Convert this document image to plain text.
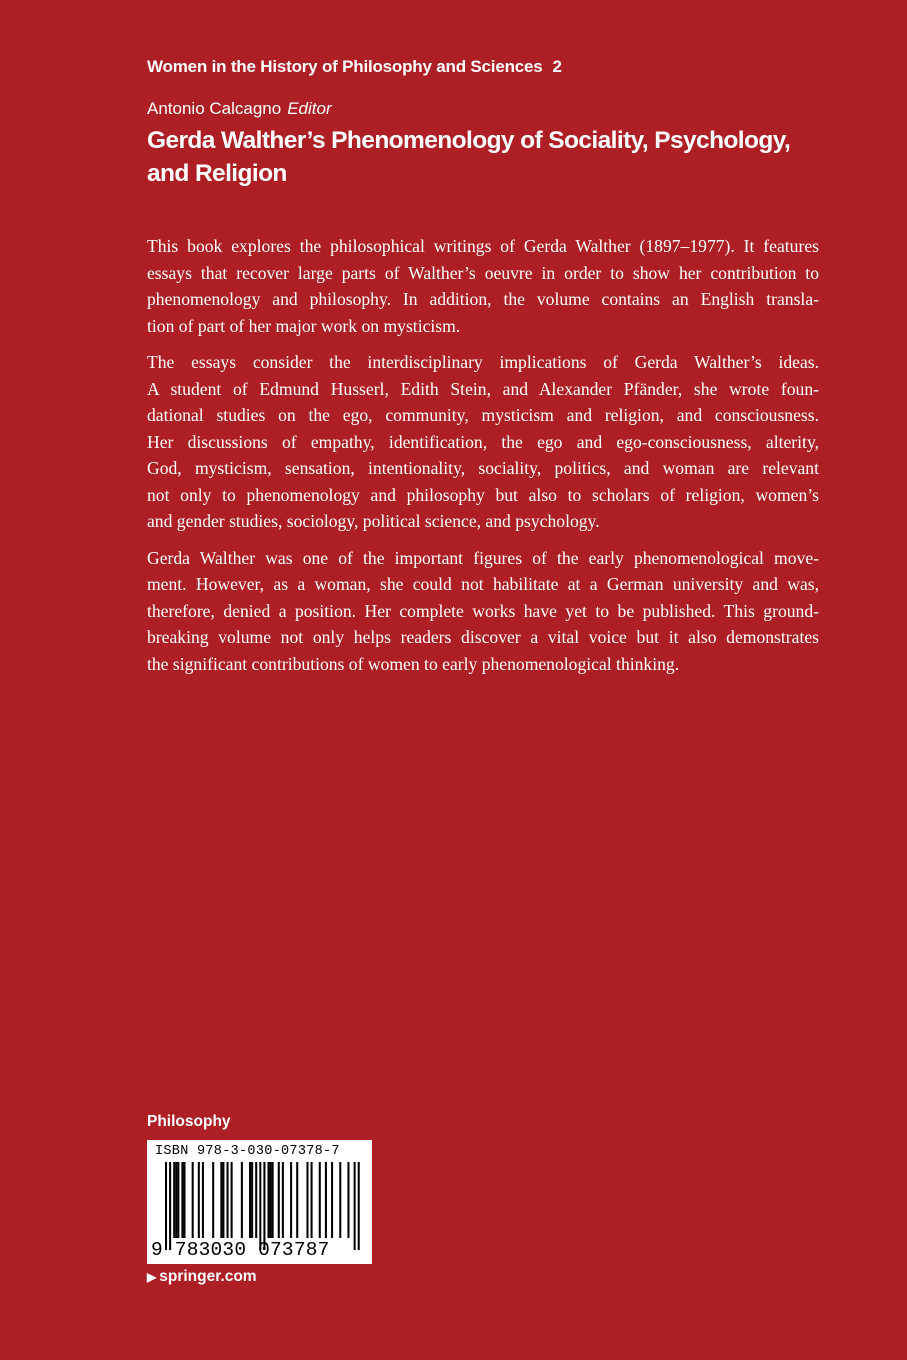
Women in the History of Philosophy and Sciences 2
Antonio Calcagno Editor
Gerda Walther’s Phenomenology of Sociality, Psychology,
and Religion

This book explores the philosophical writings of Gerda Walther (1897–1977). It features
essays that recover large parts of Walther’s oeuvre in order to show her contribution to
phenomenology and philosophy. In addition, the volume contains an English transla-
tion of part of her major work on mysticism.

The essays consider the interdisciplinary implications of Gerda Walther’s ideas.
A student of Edmund Husserl, Edith Stein, and Alexander Pfänder, she wrote foun-
dational studies on the ego, community, mysticism and religion, and consciousness.
Her discussions of empathy, identification, the ego and ego-consciousness, alterity,
God, mysticism, sensation, intentionality, sociality, politics, and woman are relevant
not only to phenomenology and philosophy but also to scholars of religion, women’s
and gender studies, sociology, political science, and psychology.

Gerda Walther was one of the important figures of the early phenomenological move-
ment. However, as a woman, she could not habilitate at a German university and was,
therefore, denied a position. Her complete works have yet to be published. This ground-
breaking volume not only helps readers discover a vital voice but it also demonstrates
the significant contributions of women to early phenomenological thinking.

Philosophy
ISBN 978-3-030-07378-7
9 783030 073787
▶ springer.com
